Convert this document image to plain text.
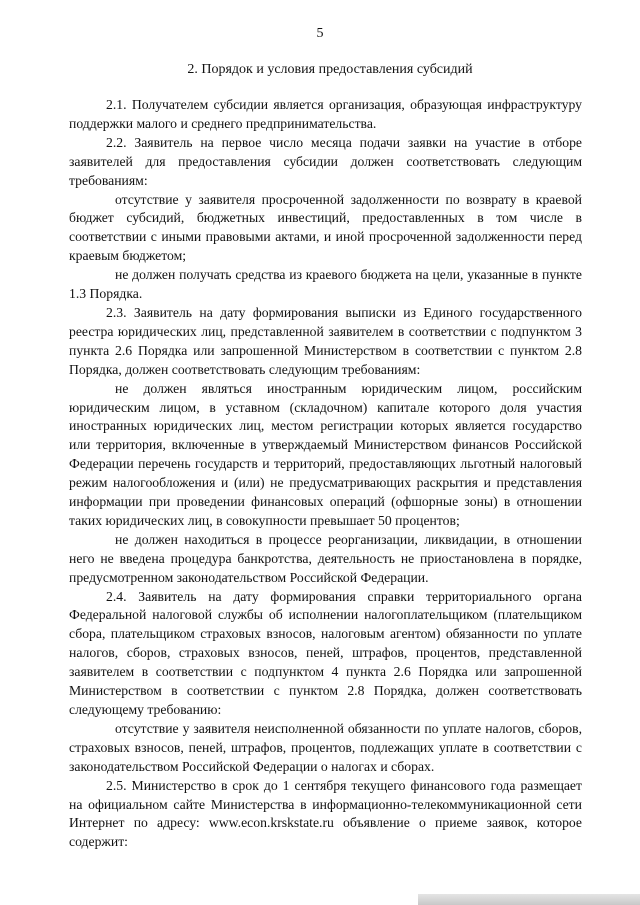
5
2. Порядок и условия предоставления субсидий

2.1. Получателем субсидии является организация, образующая инфраструктуру поддержки малого и среднего предпринимательства.

2.2. Заявитель на первое число месяца подачи заявки на участие в отборе заявителей для предоставления субсидии должен соответствовать следующим требованиям:

отсутствие у заявителя просроченной задолженности по возврату в краевой бюджет субсидий, бюджетных инвестиций, предоставленных в том числе в соответствии с иными правовыми актами, и иной просроченной задолженности перед краевым бюджетом;

не должен получать средства из краевого бюджета на цели, указанные в пункте 1.3 Порядка.

2.3. Заявитель на дату формирования выписки из Единого государственного реестра юридических лиц, представленной заявителем в соответствии с подпунктом 3 пункта 2.6 Порядка или запрошенной Министерством в соответствии с пунктом 2.8 Порядка, должен соответствовать следующим требованиям:

не должен являться иностранным юридическим лицом, российским юридическим лицом, в уставном (складочном) капитале которого доля участия иностранных юридических лиц, местом регистрации которых является государство или территория, включенные в утверждаемый Министерством финансов Российской Федерации перечень государств и территорий, предоставляющих льготный налоговый режим налогообложения и (или) не предусматривающих раскрытия и представления информации при проведении финансовых операций (офшорные зоны) в отношении таких юридических лиц, в совокупности превышает 50 процентов;

не должен находиться в процессе реорганизации, ликвидации, в отношении него не введена процедура банкротства, деятельность не приостановлена в порядке, предусмотренном законодательством Российской Федерации.

2.4. Заявитель на дату формирования справки территориального органа Федеральной налоговой службы об исполнении налогоплательщиком (плательщиком сбора, плательщиком страховых взносов, налоговым агентом) обязанности по уплате налогов, сборов, страховых взносов, пеней, штрафов, процентов, представленной заявителем в соответствии с подпунктом 4 пункта 2.6 Порядка или запрошенной Министерством в соответствии с пунктом 2.8 Порядка, должен соответствовать следующему требованию:

отсутствие у заявителя неисполненной обязанности по уплате налогов, сборов, страховых взносов, пеней, штрафов, процентов, подлежащих уплате в соответствии с законодательством Российской Федерации о налогах и сборах.

2.5. Министерство в срок до 1 сентября текущего финансового года размещает на официальном сайте Министерства в информационно-телекоммуникационной сети Интернет по адресу: www.econ.krskstate.ru объявление о приеме заявок, которое содержит:
